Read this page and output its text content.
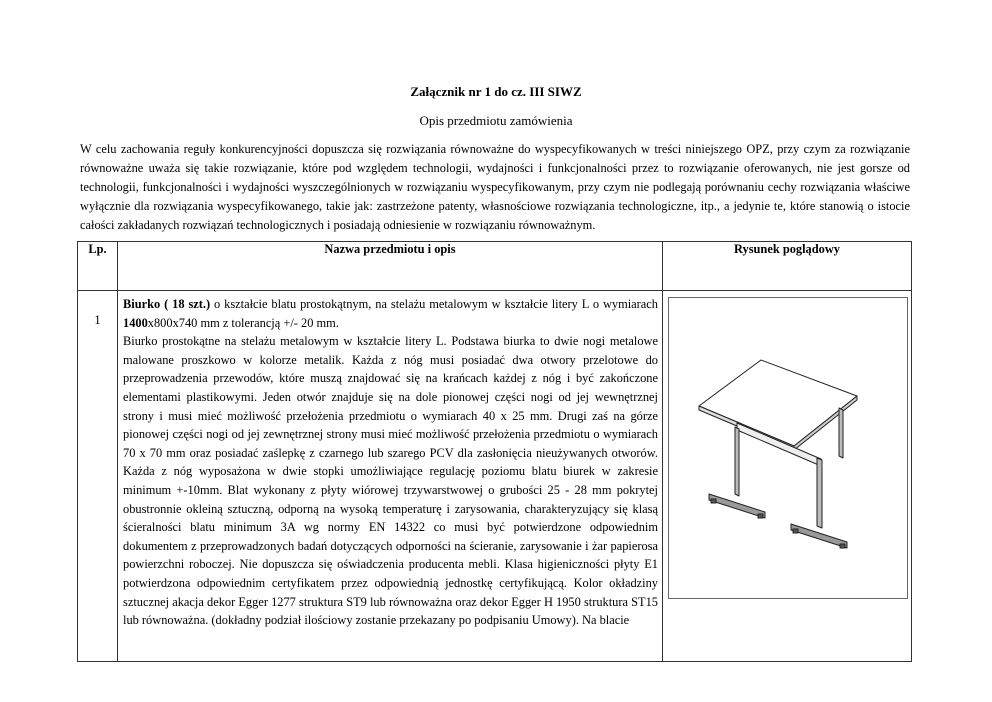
Załącznik nr 1 do cz. III SIWZ
Opis przedmiotu zamówienia

W celu zachowania reguły konkurencyjności dopuszcza się rozwiązania równoważne do wyspecyfikowanych w treści niniejszego OPZ, przy czym za rozwiązanie równoważne uważa się takie rozwiązanie, które pod względem technologii, wydajności i funkcjonalności przez to rozwiązanie oferowanych, nie jest gorsze od technologii, funkcjonalności i wydajności wyszczególnionych w rozwiązaniu wyspecyfikowanym, przy czym nie podlegają porównaniu cechy rozwiązania właściwe wyłącznie dla rozwiązania wyspecyfikowanego, takie jak: zastrzeżone patenty, własnościowe rozwiązania technologiczne, itp., a jedynie te, które stanowią o istocie całości zakładanych rozwiązań technologicznych i posiadają odniesienie w rozwiązaniu równoważnym.

Lp.	Nazwa przedmiotu i opis	Rysunek poglądowy

1	Biurko ( 18 szt.) o kształcie blatu prostokątnym, na stelażu metalowym w kształcie litery L o wymiarach 1400x800x740 mm z tolerancją +/- 20 mm.
Biurko prostokątne na stelażu metalowym w kształcie litery L. Podstawa biurka to dwie nogi metalowe malowane proszkowo w kolorze metalik. Każda z nóg musi posiadać dwa otwory przelotowe do przeprowadzenia przewodów, które muszą znajdować się na krańcach każdej z nóg i być zakończone elementami plastikowymi. Jeden otwór znajduje się na dole pionowej części nogi od jej wewnętrznej strony i musi mieć możliwość przełożenia przedmiotu o wymiarach 40 x 25 mm. Drugi zaś na górze pionowej części nogi od jej zewnętrznej strony musi mieć możliwość przełożenia przedmiotu o wymiarach 70 x 70 mm oraz posiadać zaślepkę z czarnego lub szarego PCV dla zasłonięcia nieużywanych otworów. Każda z nóg wyposażona w dwie stopki umożliwiające regulację poziomu blatu biurek w zakresie minimum +-10mm. Blat wykonany z płyty wiórowej trzywarstwowej o grubości 25 - 28 mm pokrytej obustronnie okleiną sztuczną, odporną na wysoką temperaturę i zarysowania, charakteryzujący się klasą ścieralności blatu minimum 3A wg normy EN 14322 co musi być potwierdzone odpowiednim dokumentem z przeprowadzonych badań dotyczących odporności na ścieranie, zarysowanie i żar papierosa powierzchni roboczej. Nie dopuszcza się oświadczenia producenta mebli. Klasa higieniczności płyty E1 potwierdzona odpowiednim certyfikatem przez odpowiednią jednostkę certyfikującą. Kolor okładziny sztucznej akacja dekor Egger 1277 struktura ST9 lub równoważna oraz dekor Egger H 1950 struktura ST15 lub równoważna. (dokładny podział ilościowy zostanie przekazany po podpisaniu Umowy). Na blacie
